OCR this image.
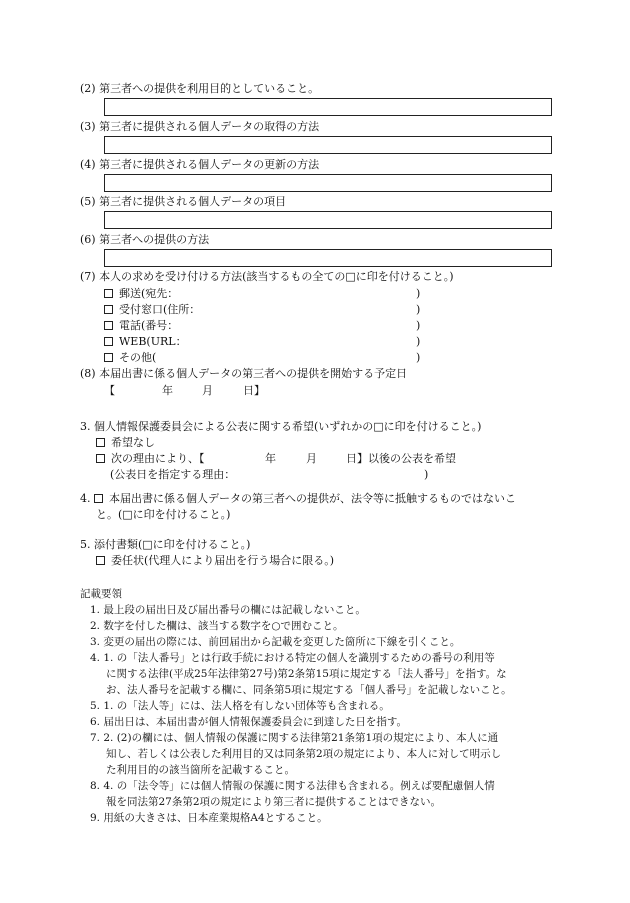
(2) 第三者への提供を利用目的としていること。
(3) 第三者に提供される個人データの取得の方法
(4) 第三者に提供される個人データの更新の方法
(5) 第三者に提供される個人データの項目
(6) 第三者への提供の方法
(7) 本人の求めを受け付ける方法(該当するもの全ての□に印を付けること。)
郵送(宛先：	)
受付窓口(住所：	)
電話(番号：	)
WEB(URL：	)
その他(	)
(8) 本届出書に係る個人データの第三者への提供を開始する予定日
【	年	月	日】
3. 個人情報保護委員会による公表に関する希望(いずれかの□に印を付けること。)
希望なし
次の理由により、【	年	月	日】以後の公表を希望
(公表日を指定する理由：	)
4. 本届出書に係る個人データの第三者への提供が、法令等に抵触するものではないこ
と。(□に印を付けること。)
5. 添付書類(□に印を付けること。)
委任状(代理人により届出を行う場合に限る。)
記載要領
1. 最上段の届出日及び届出番号の欄には記載しないこと。
2. 数字を付した欄は、該当する数字を○で囲むこと。
3. 変更の届出の際には、前回届出から記載を変更した箇所に下線を引くこと。
4. 1. の「法人番号」とは行政手続における特定の個人を識別するための番号の利用等
に関する法律(平成25年法律第27号)第2条第15項に規定する「法人番号」を指す。な
お、法人番号を記載する欄に、同条第5項に規定する「個人番号」を記載しないこと。
5. 1. の「法人等」には、法人格を有しない団体等も含まれる。
6. 届出日は、本届出書が個人情報保護委員会に到達した日を指す。
7. 2. (2)の欄には、個人情報の保護に関する法律第21条第1項の規定により、本人に通
知し、若しくは公表した利用目的又は同条第2項の規定により、本人に対して明示し
た利用目的の該当箇所を記載すること。
8. 4. の「法令等」には個人情報の保護に関する法律も含まれる。例えば要配慮個人情
報を同法第27条第2項の規定により第三者に提供することはできない。
9. 用紙の大きさは、日本産業規格A4とすること。
